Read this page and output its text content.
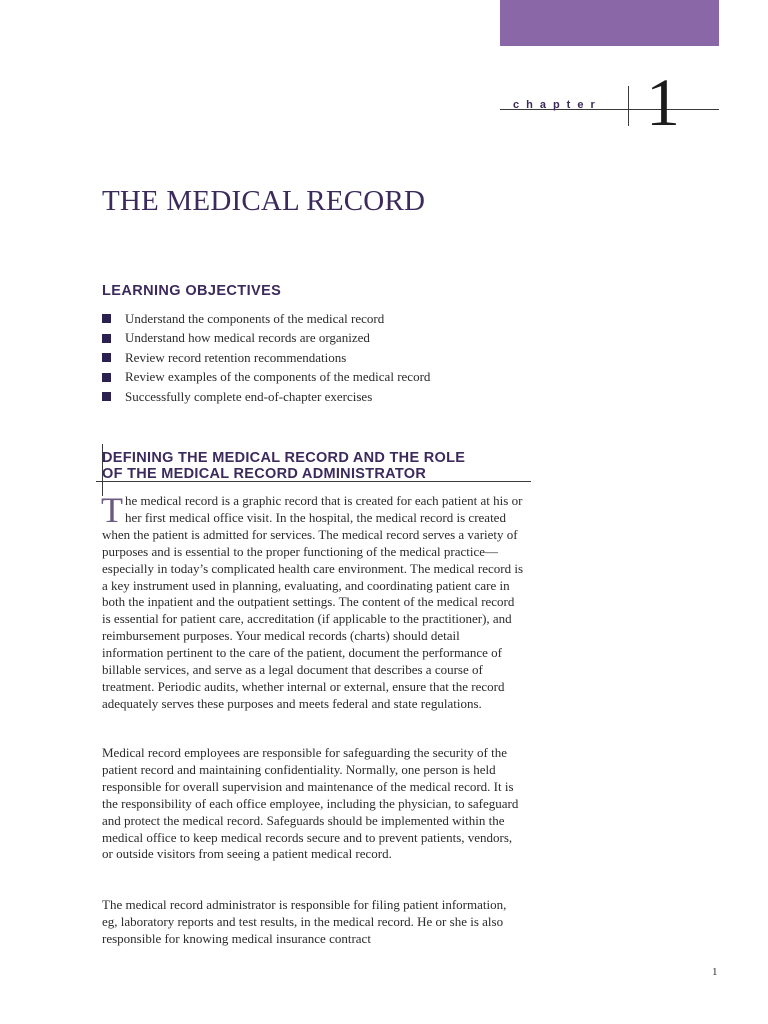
chapter 1
THE MEDICAL RECORD
LEARNING OBJECTIVES
Understand the components of the medical record
Understand how medical records are organized
Review record retention recommendations
Review examples of the components of the medical record
Successfully complete end-of-chapter exercises
DEFINING THE MEDICAL RECORD AND THE ROLE
OF THE MEDICAL RECORD ADMINISTRATOR
The medical record is a graphic record that is created for each patient at his or her first medical office visit. In the hospital, the medical record is created when the patient is admitted for services. The medical record serves a variety of purposes and is essential to the proper functioning of the medical practice—especially in today’s complicated health care environment. The medical record is a key instrument used in planning, evaluating, and coordinating patient care in both the inpatient and the outpatient settings. The content of the medical record is essential for patient care, accreditation (if applicable to the practitioner), and reimbursement purposes. Your medical records (charts) should detail information pertinent to the care of the patient, document the performance of billable services, and serve as a legal document that describes a course of treatment. Periodic audits, whether internal or external, ensure that the record adequately serves these purposes and meets federal and state regulations.
Medical record employees are responsible for safeguarding the security of the patient record and maintaining confidentiality. Normally, one person is held responsible for overall supervision and maintenance of the medical record. It is the responsibility of each office employee, including the physician, to safeguard and protect the medical record. Safeguards should be implemented within the medical office to keep medical records secure and to prevent patients, vendors, or outside visitors from seeing a patient medical record.
The medical record administrator is responsible for filing patient information, eg, laboratory reports and test results, in the medical record. He or she is also responsible for knowing medical insurance contract
1
